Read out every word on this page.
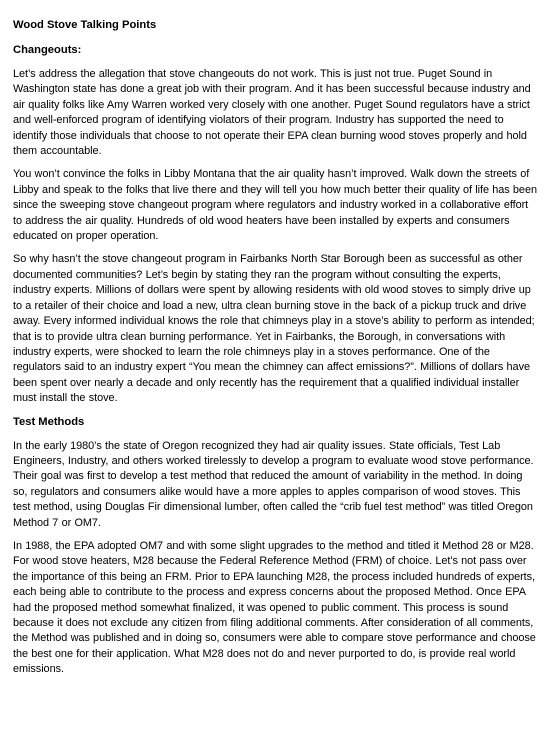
Wood Stove Talking Points
Changeouts:

Let’s address the allegation that stove changeouts do not work. This is just not true. Puget Sound in Washington state has done a great job with their program. And it has been successful because industry and air quality folks like Amy Warren worked very closely with one another. Puget Sound regulators have a strict and well-enforced program of identifying violators of their program. Industry has supported the need to identify those individuals that choose to not operate their EPA clean burning wood stoves properly and hold them accountable.

You won’t convince the folks in Libby Montana that the air quality hasn’t improved. Walk down the streets of Libby and speak to the folks that live there and they will tell you how much better their quality of life has been since the sweeping stove changeout program where regulators and industry worked in a collaborative effort to address the air quality. Hundreds of old wood heaters have been installed by experts and consumers educated on proper operation.

So why hasn’t the stove changeout program in Fairbanks North Star Borough been as successful as other documented communities? Let’s begin by stating they ran the program without consulting the experts, industry experts. Millions of dollars were spent by allowing residents with old wood stoves to simply drive up to a retailer of their choice and load a new, ultra clean burning stove in the back of a pickup truck and drive away. Every informed individual knows the role that chimneys play in a stove’s ability to perform as intended; that is to provide ultra clean burning performance. Yet in Fairbanks, the Borough, in conversations with industry experts, were shocked to learn the role chimneys play in a stoves performance. One of the regulators said to an industry expert “You mean the chimney can affect emissions?”. Millions of dollars have been spent over nearly a decade and only recently has the requirement that a qualified individual installer must install the stove.

Test Methods

In the early 1980’s the state of Oregon recognized they had air quality issues. State officials, Test Lab Engineers, Industry, and others worked tirelessly to develop a program to evaluate wood stove performance. Their goal was first to develop a test method that reduced the amount of variability in the method. In doing so, regulators and consumers alike would have a more apples to apples comparison of wood stoves. This test method, using Douglas Fir dimensional lumber, often called the “crib fuel test method” was titled Oregon Method 7 or OM7.

In 1988, the EPA adopted OM7 and with some slight upgrades to the method and titled it Method 28 or M28. For wood stove heaters, M28 because the Federal Reference Method (FRM) of choice. Let’s not pass over the importance of this being an FRM. Prior to EPA launching M28, the process included hundreds of experts, each being able to contribute to the process and express concerns about the proposed Method. Once EPA had the proposed method somewhat finalized, it was opened to public comment. This process is sound because it does not exclude any citizen from filing additional comments. After consideration of all comments, the Method was published and in doing so, consumers were able to compare stove performance and choose the best one for their application. What M28 does not do and never purported to do, is provide real world emissions.
